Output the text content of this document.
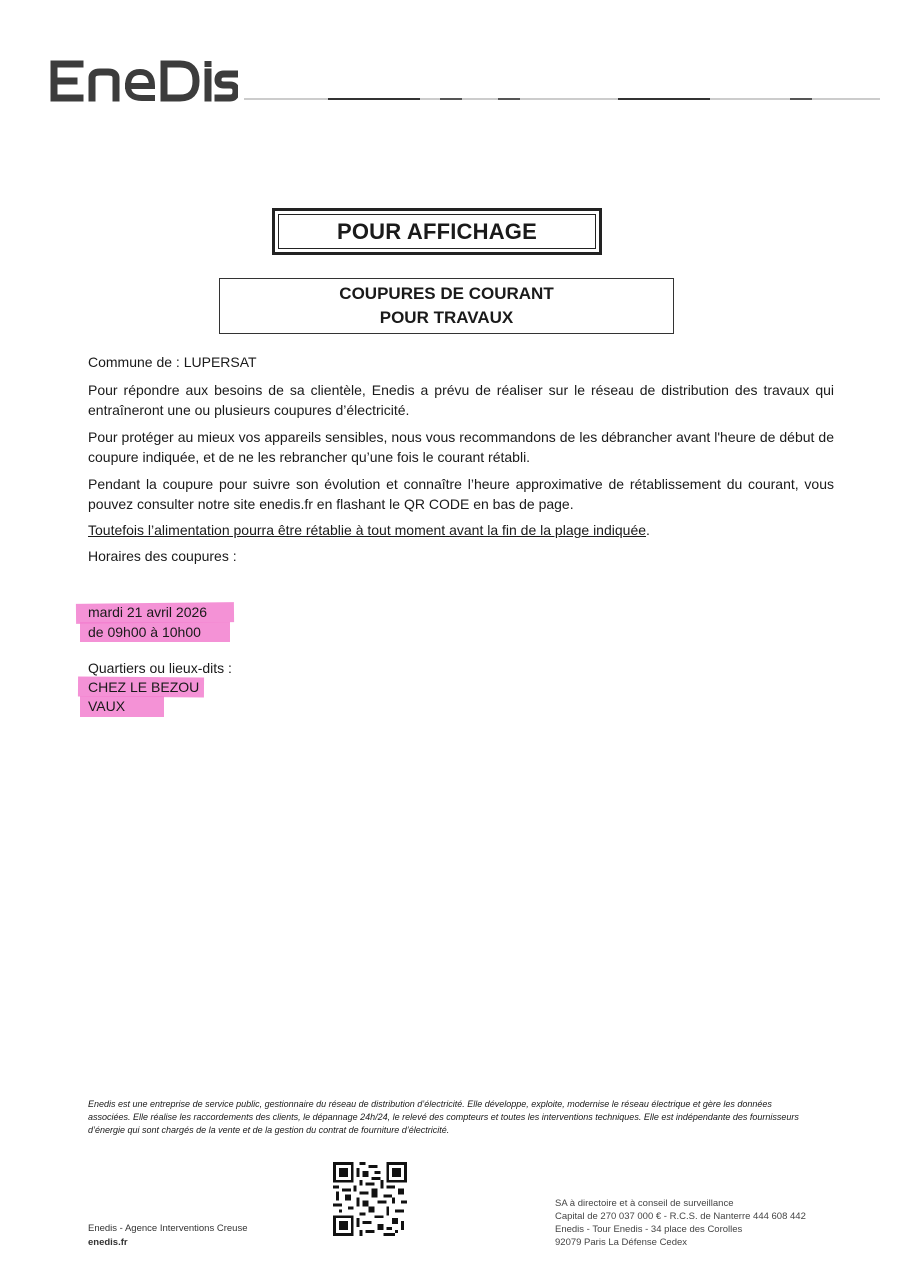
POUR AFFICHAGE
COUPURES DE COURANT
POUR TRAVAUX
Commune de : LUPERSAT
Pour répondre aux besoins de sa clientèle, Enedis a prévu de réaliser sur le réseau de distribution des travaux qui entraîneront une ou plusieurs coupures d’électricité.
Pour protéger au mieux vos appareils sensibles, nous vous recommandons de les débrancher avant l'heure de début de coupure indiquée, et de ne les rebrancher qu’une fois le courant rétabli.
Pendant la coupure pour suivre son évolution et connaître l’heure approximative de rétablissement du courant, vous pouvez consulter notre site enedis.fr en flashant le QR CODE en bas de page.
Toutefois l’alimentation pourra être rétablie à tout moment avant la fin de la plage indiquée.
Horaires des coupures :
mardi 21 avril 2026
de 09h00 à 10h00
Quartiers ou lieux-dits :
CHEZ LE BEZOU
VAUX
Enedis est une entreprise de service public, gestionnaire du réseau de distribution d’électricité. Elle développe, exploite, modernise le réseau électrique et gère les données associées. Elle réalise les raccordements des clients, le dépannage 24h/24, le relevé des compteurs et toutes les interventions techniques. Elle est indépendante des fournisseurs d’énergie qui sont chargés de la vente et de la gestion du contrat de fourniture d’électricité.
Enedis - Agence Interventions Creuse
enedis.fr
SA à directoire et à conseil de surveillance
Capital de 270 037 000 € - R.C.S. de Nanterre 444 608 442
Enedis - Tour Enedis - 34 place des Corolles
92079 Paris La Défense Cedex
